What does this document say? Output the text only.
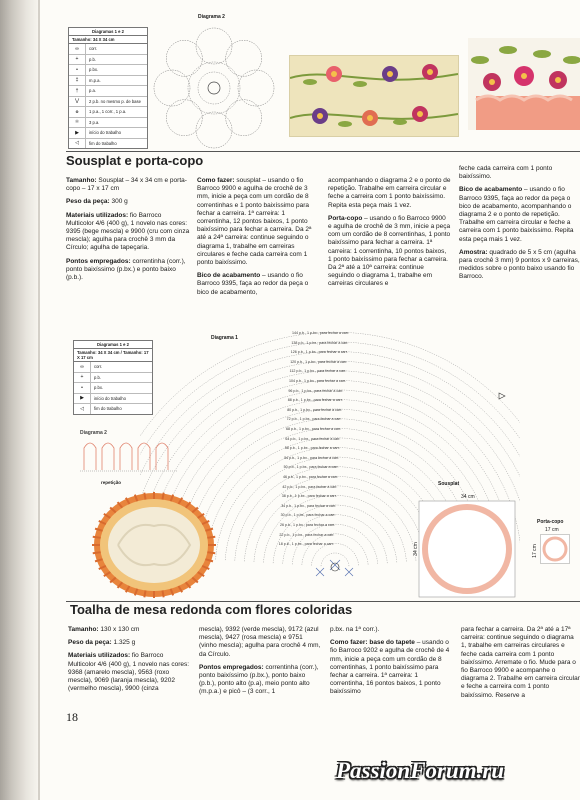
Diagramas 1 e 2
Tamanho: 34 X 34 cm
∞	corr.
+	p.b.
•	p.bx.
‡	m.p.a.
†	p.a.
⋁	2 p.b. no mesmo p. de base
ꙩ	1 p.a., 1 corr., 1 p.a.
⚛	3 p.a.
▶	início do trabalho
◁	fim do trabalho
Diagrama 2
Sousplat e porta-copo

Tamanho: Sousplat – 34 x 34 cm e porta-copo – 17 x 17 cm

Peso da peça: 300 g

Materiais utilizados: fio Barroco Multicolor 4/6 (400 g), 1 novelo nas cores: 9395 (bege mescla) e 9900 (cru com cinza mescla); agulha para crochê 3 mm da Círculo; agulha de tapeçaria.

Pontos empregados: correntinha (corr.), ponto baixíssimo (p.bx.) e ponto baixo (p.b.).

Como fazer: sousplat – usando o fio Barroco 9900 e agulha de crochê de 3 mm, inicie a peça com um cordão de 8 correntinhas e 1 ponto baixíssimo para fechar a carreira. 1ª carreira: 1 correntinha, 12 pontos baixos, 1 ponto baixíssimo para fechar a carreira. Da 2ª até a 24ª carreira: continue seguindo o diagrama 1, trabalhe em carreiras circulares e feche cada carreira com 1 ponto baixíssimo.

Bico de acabamento – usando o fio Barroco 9395, faça ao redor da peça o bico de acabamento,

acompanhando o diagrama 2 e o ponto de repetição. Trabalhe em carreira circular e feche a carreira com 1 ponto baixíssimo. Repita esta peça mais 1 vez.

Porta-copo – usando o fio Barroco 9900 e agulha de crochê de 3 mm, inicie a peça com um cordão de 8 correntinhas, 1 ponto baixíssimo para fechar a carreira. 1ª carreira: 1 correntinha, 10 pontos baixos, 1 ponto baixíssimo para fechar a carreira. Da 2ª até a 10ª carreira: continue seguindo o diagrama 1, trabalhe em carreiras circulares e

feche cada carreira com 1 ponto baixíssimo.

Bico de acabamento – usando o fio Barroco 9395, faça ao redor da peça o bico de acabamento, acompanhando o diagrama 2 e o ponto de repetição. Trabalhe em carreira circular e feche a carreira com 1 ponto baixíssimo. Repita esta peça mais 1 vez.

Amostra: quadrado de 5 x 5 cm (agulha para crochê 3 mm) 9 pontos x 9 carreiras, medidos sobre o ponto baixo usando fio Barroco.

Diagramas 1 e 2
Tamanho: 34 X 34 cm / Tamanho: 17 X 17 cm
∞	corr.
+	p.b.
•	p.bx.
▶	início do trabalho
◁	fim do trabalho
Diagrama 1
144 p.b., 1 p.bx., para fechar a carr.
138 p.b., 1 p.bx., para fechar a carr.
126 p.b., 1 p.bx., para fechar a carr.
120 p.b., 1 p.bx., para fechar a carr.
112 p.b., 1 p.bx., para fechar a carr.
104 p.b., 1 p.bx., para fechar a carr.
96 p.b., 1 p.bx., para fechar a carr.
88 p.b., 1 p.bx., para fechar a carr.
80 p.b., 1 p.bx., para fechar a carr.
72 p.b., 1 p.bx., para fechar a carr.
68 p.b., 1 p.bx., para fechar a carr.
64 p.b., 1 p.bx., para fechar a carr.
58 p.b., 1 p.bx., para fechar a carr.
54 p.b., 1 p.bx., para fechar a carr.
50 p.b., 1 p.bx., para fechar a carr.
46 p.b., 1 p.bx., para fechar a carr.
42 p.b., 1 p.bx., para fechar a carr.
38 p.b., 1 p.bx., para fechar a carr.
34 p.b., 1 p.bx., para fechar a carr.
30 p.b., 1 p.bx., para fechar a carr.
26 p.b., 1 p.bx., para fechar a carr.
22 p.b., 1 p.bx., para fechar a carr.
18 p.b., 1 p.bx., para fechar a carr.
Diagrama 2
repetição	Sousplat
34 cm
34 cm
Porta-copo
17 cm
17 cm
Toalha de mesa redonda com flores coloridas

Tamanho: 130 x 130 cm

Peso da peça: 1.325 g

Materiais utilizados: fio Barroco Multicolor 4/6 (400 g), 1 novelo nas cores: 9368 (amarelo mescla), 9563 (roxo mescla), 9069 (laranja mescla), 9202 (vermelho mescla), 9900 (cinza

mescla), 9392 (verde mescla), 9172 (azul mescla), 9427 (rosa mescla) e 9751 (vinho mescla); agulha para crochê 4 mm, da Círculo.

Pontos empregados: correntinha (corr.), ponto baixíssimo (p.bx.), ponto baixo (p.b.), ponto alto (p.a), meio ponto alto (m.p.a.) e picô – (3 corr., 1

p.bx. na 1ª corr.).

Como fazer: base do tapete – usando o fio Barroco 9202 e agulha de crochê de 4 mm, inicie a peça com um cordão de 8 correntinhas, 1 ponto baixíssimo para fechar a carreira. 1ª carreira: 1 correntinha, 16 pontos baixos, 1 ponto baixíssimo

para fechar a carreira. Da 2ª até a 17ª carreira: continue seguindo o diagrama 1, trabalhe em carreiras circulares e feche cada carreira com 1 ponto baixíssimo. Arremate o fio. Mude para o fio Barroco 9900 e acompanhe o diagrama 2. Trabalhe em carreira circular e feche a carreira com 1 ponto baixíssimo. Reserve a

18
PassionForum.ru
